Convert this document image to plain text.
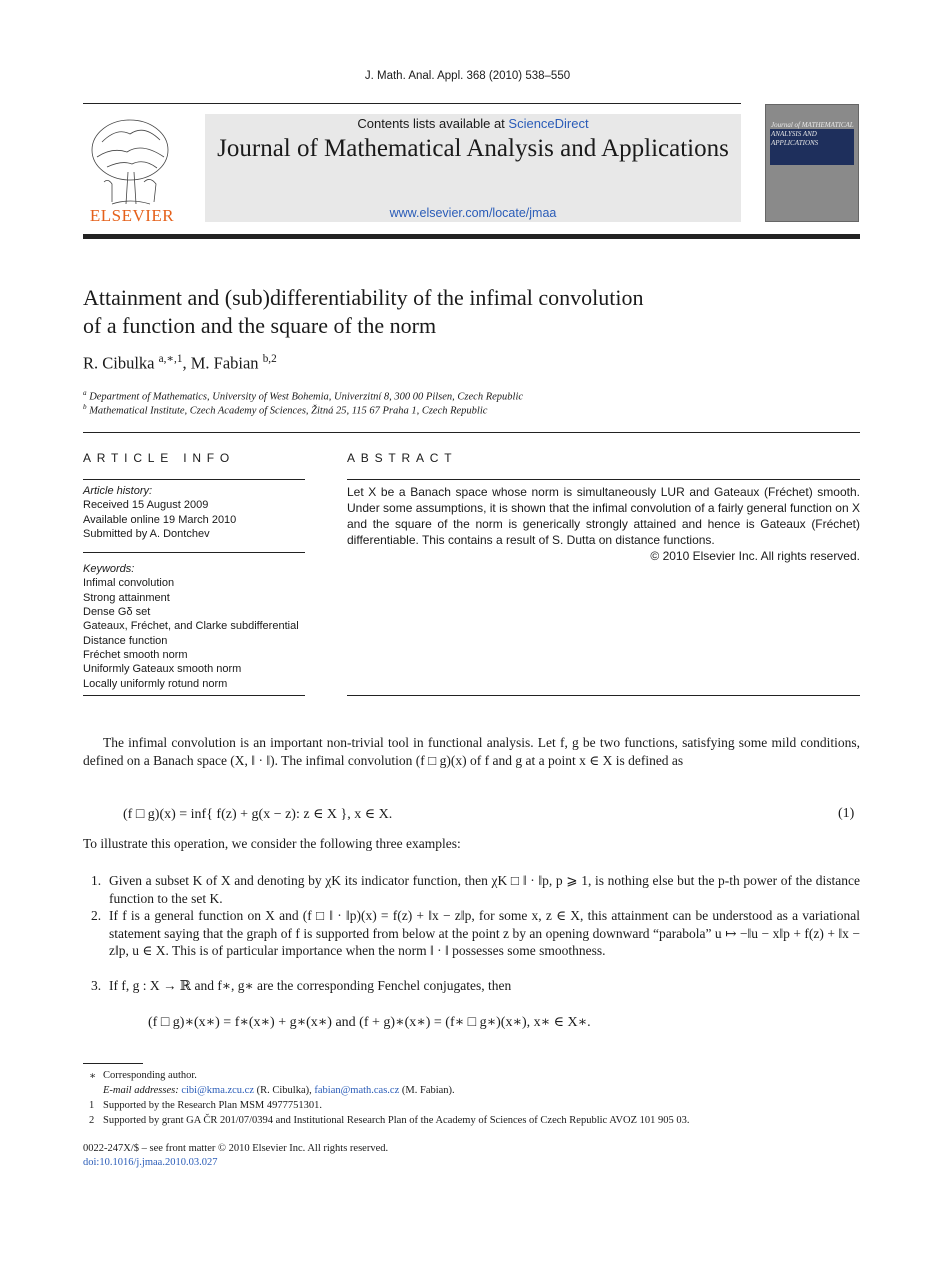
J. Math. Anal. Appl. 368 (2010) 538–550
ELSEVIER
Contents lists available at ScienceDirect
Journal of Mathematical Analysis and Applications
www.elsevier.com/locate/jmaa
Journal of MATHEMATICAL ANALYSIS AND APPLICATIONS
Attainment and (sub)differentiability of the infimal convolution
of a function and the square of the norm
R. Cibulka $^{a,∗,1}$, M. Fabian $^{b,2}$
$^a$ Department of Mathematics, University of West Bohemia, Univerzitní 8, 300 00 Pilsen, Czech Republic
$^b$ Mathematical Institute, Czech Academy of Sciences, Žitná 25, 115 67 Praha 1, Czech Republic
ARTICLE INFO	ABSTRACT
Article history:
Received 15 August 2009
Available online 19 March 2010
Submitted by A. Dontchev
Keywords:
Infimal convolution
Strong attainment
Dense Gδ set
Gateaux, Fréchet, and Clarke subdifferential
Distance function
Fréchet smooth norm
Uniformly Gateaux smooth norm
Locally uniformly rotund norm
Let X be a Banach space whose norm is simultaneously LUR and Gateaux (Fréchet) smooth. Under some assumptions, it is shown that the infimal convolution of a fairly general function on X and the square of the norm is generically strongly attained and hence is Gateaux (Fréchet) differentiable. This contains a result of S. Dutta on distance functions.
© 2010 Elsevier Inc. All rights reserved.

The infimal convolution is an important non-trivial tool in functional analysis. Let f, g be two functions, satisfying some mild conditions, defined on a Banach space (X, ‖ · ‖). The infimal convolution (f □ g)(x) of f and g at a point x ∈ X is defined as

(f □ g)(x) = inf{ f(z) + g(x − z): z ∈ X }, x ∈ X.	(1)
To illustrate this operation, we consider the following three examples:
1. Given a subset K of X and denoting by χK its indicator function, then χK □ ‖ · ‖p, p ⩾ 1, is nothing else but the p-th power of the distance function to the set K.
2. If f is a general function on X and (f □ ‖ · ‖p)(x) = f(z) + ‖x − z‖p, for some x, z ∈ X, this attainment can be understood as a variational statement saying that the graph of f is supported from below at the point z by an opening downward “parabola” u ↦ −‖u − x‖p + f(z) + ‖x − z‖p, u ∈ X. This is of particular importance when the norm ‖ · ‖ possesses some smoothness.
3. If f, g : X → ℝ and f∗, g∗ are the corresponding Fenchel conjugates, then
(f □ g)∗(x∗) = f∗(x∗) + g∗(x∗) and (f + g)∗(x∗) = (f∗ □ g∗)(x∗), x∗ ∈ X∗.
∗ Corresponding author.
E-mail addresses: cibi@kma.zcu.cz (R. Cibulka), fabian@math.cas.cz (M. Fabian).
1 Supported by the Research Plan MSM 4977751301.
2 Supported by grant GA ČR 201/07/0394 and Institutional Research Plan of the Academy of Sciences of Czech Republic AVOZ 101 905 03.
0022-247X/$ – see front matter © 2010 Elsevier Inc. All rights reserved.
doi:10.1016/j.jmaa.2010.03.027
